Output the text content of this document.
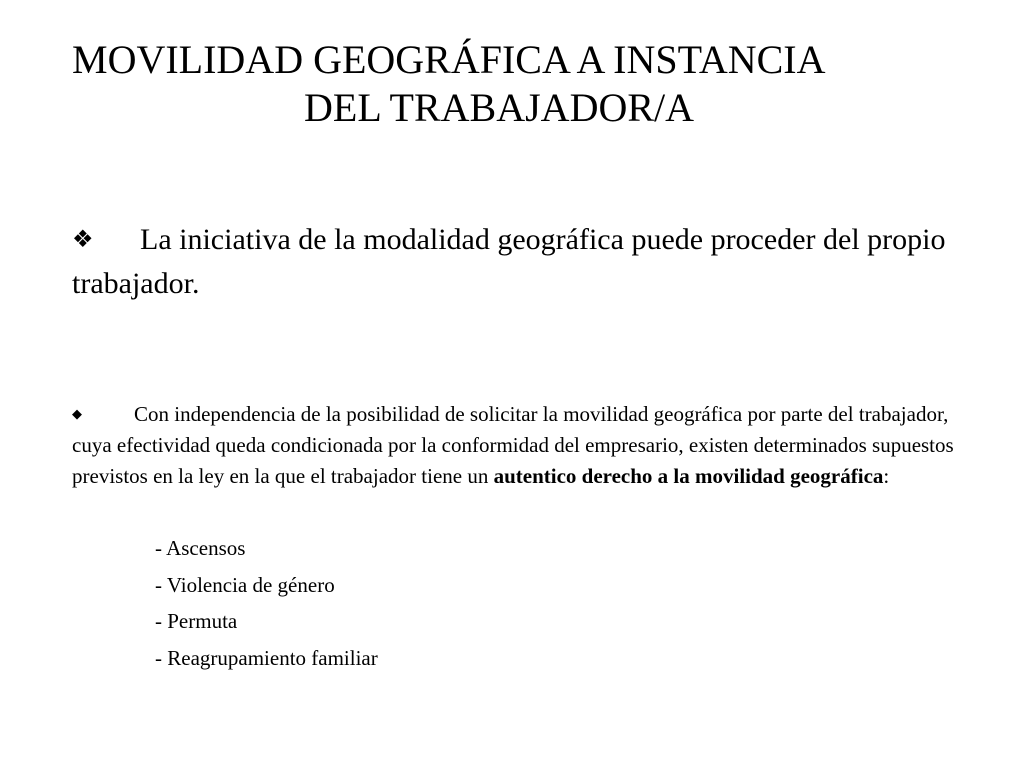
MOVILIDAD GEOGRÁFICA A INSTANCIA
DEL TRABAJADOR/A

❖ La iniciativa de la modalidad geográfica puede proceder del propio trabajador.

◆ Con independencia de la posibilidad de solicitar la movilidad geográfica por parte del trabajador, cuya efectividad queda condicionada por la conformidad del empresario, existen determinados supuestos previstos en la ley en la que el trabajador tiene un autentico derecho a la movilidad geográfica:

- Ascensos
- Violencia de género
- Permuta
- Reagrupamiento familiar
